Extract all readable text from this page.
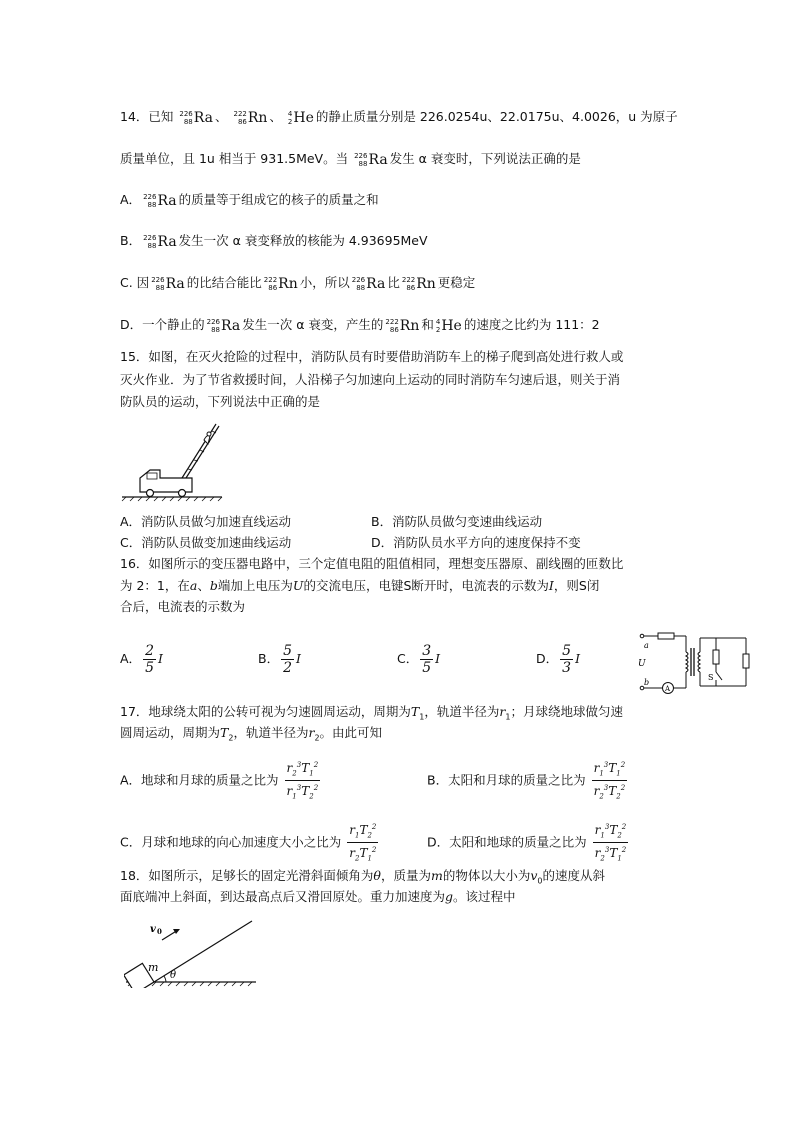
14．已知 226
88 Ra 、 222
86 Rn 、 4
2 He 的静止质量分别是 226.0254u、22.0175u、4.0026，u 为原子
质量单位，且 1u 相当于 931.5MeV。当 226
88 Ra 发生 α 衰变时，下列说法正确的是
A． 226
88 Ra 的质量等于组成它的核子的质量之和
B． 226
88 Ra 发生一次 α 衰变释放的核能为 4.93695MeV
C. 因 226
88 Ra 的比结合能比 222
86 Rn 小，所以 226
88 Ra 比 222
86 Rn 更稳定
D．一个静止的 226
88 Ra 发生一次 α 衰变，产生的 222
86 Rn 和 4
2 He 的速度之比约为 111：2
15．如图，在灭火抢险的过程中，消防队员有时要借助消防车上的梯子爬到高处进行救人或
灭火作业．为了节省救援时间，人沿梯子匀加速向上运动的同时消防车匀速后退，则关于消
防队员的运动，下列说法中正确的是
A．消防队员做匀加速直线运动	B．消防队员做匀变速曲线运动
C．消防队员做变加速曲线运动	D．消防队员水平方向的速度保持不变
16．如图所示的变压器电路中，三个定值电阻的阻值相同，理想变压器原、副线圈的匝数比
为 2：1，在a、b端加上电压为U的交流电压，电键S断开时，电流表的示数为I，则S闭
合后，电流表的示数为
A． $\frac{2}{5}$ I	B． $\frac{5}{2}$ I	C． $\frac{3}{5}$ I	D． $\frac{5}{3}$ I
a
U
b
A
S
17．地球绕太阳的公转可视为匀速圆周运动，周期为$T_1$，轨道半径为$r_1$；月球绕地球做匀速
圆周运动，周期为$T_2$，轨道半径为$r_2$。由此可知
A．地球和月球的质量之比为 $\frac{r_2^3T_1^2}{r_1^3T_2^2}$	B．太阳和月球的质量之比为 $\frac{r_1^3T_1^2}{r_2^3T_2^2}$
C．月球和地球的向心加速度大小之比为 $\frac{r_1T_2^2}{r_2T_1^2}$	D．太阳和地球的质量之比为 $\frac{r_1^3T_2^2}{r_2^3T_1^2}$
18．如图所示，足够长的固定光滑斜面倾角为θ，质量为m的物体以大小为$v_0$的速度从斜
面底端冲上斜面，到达最高点后又滑回原处。重力加速度为g。该过程中
m
θ
v 0
